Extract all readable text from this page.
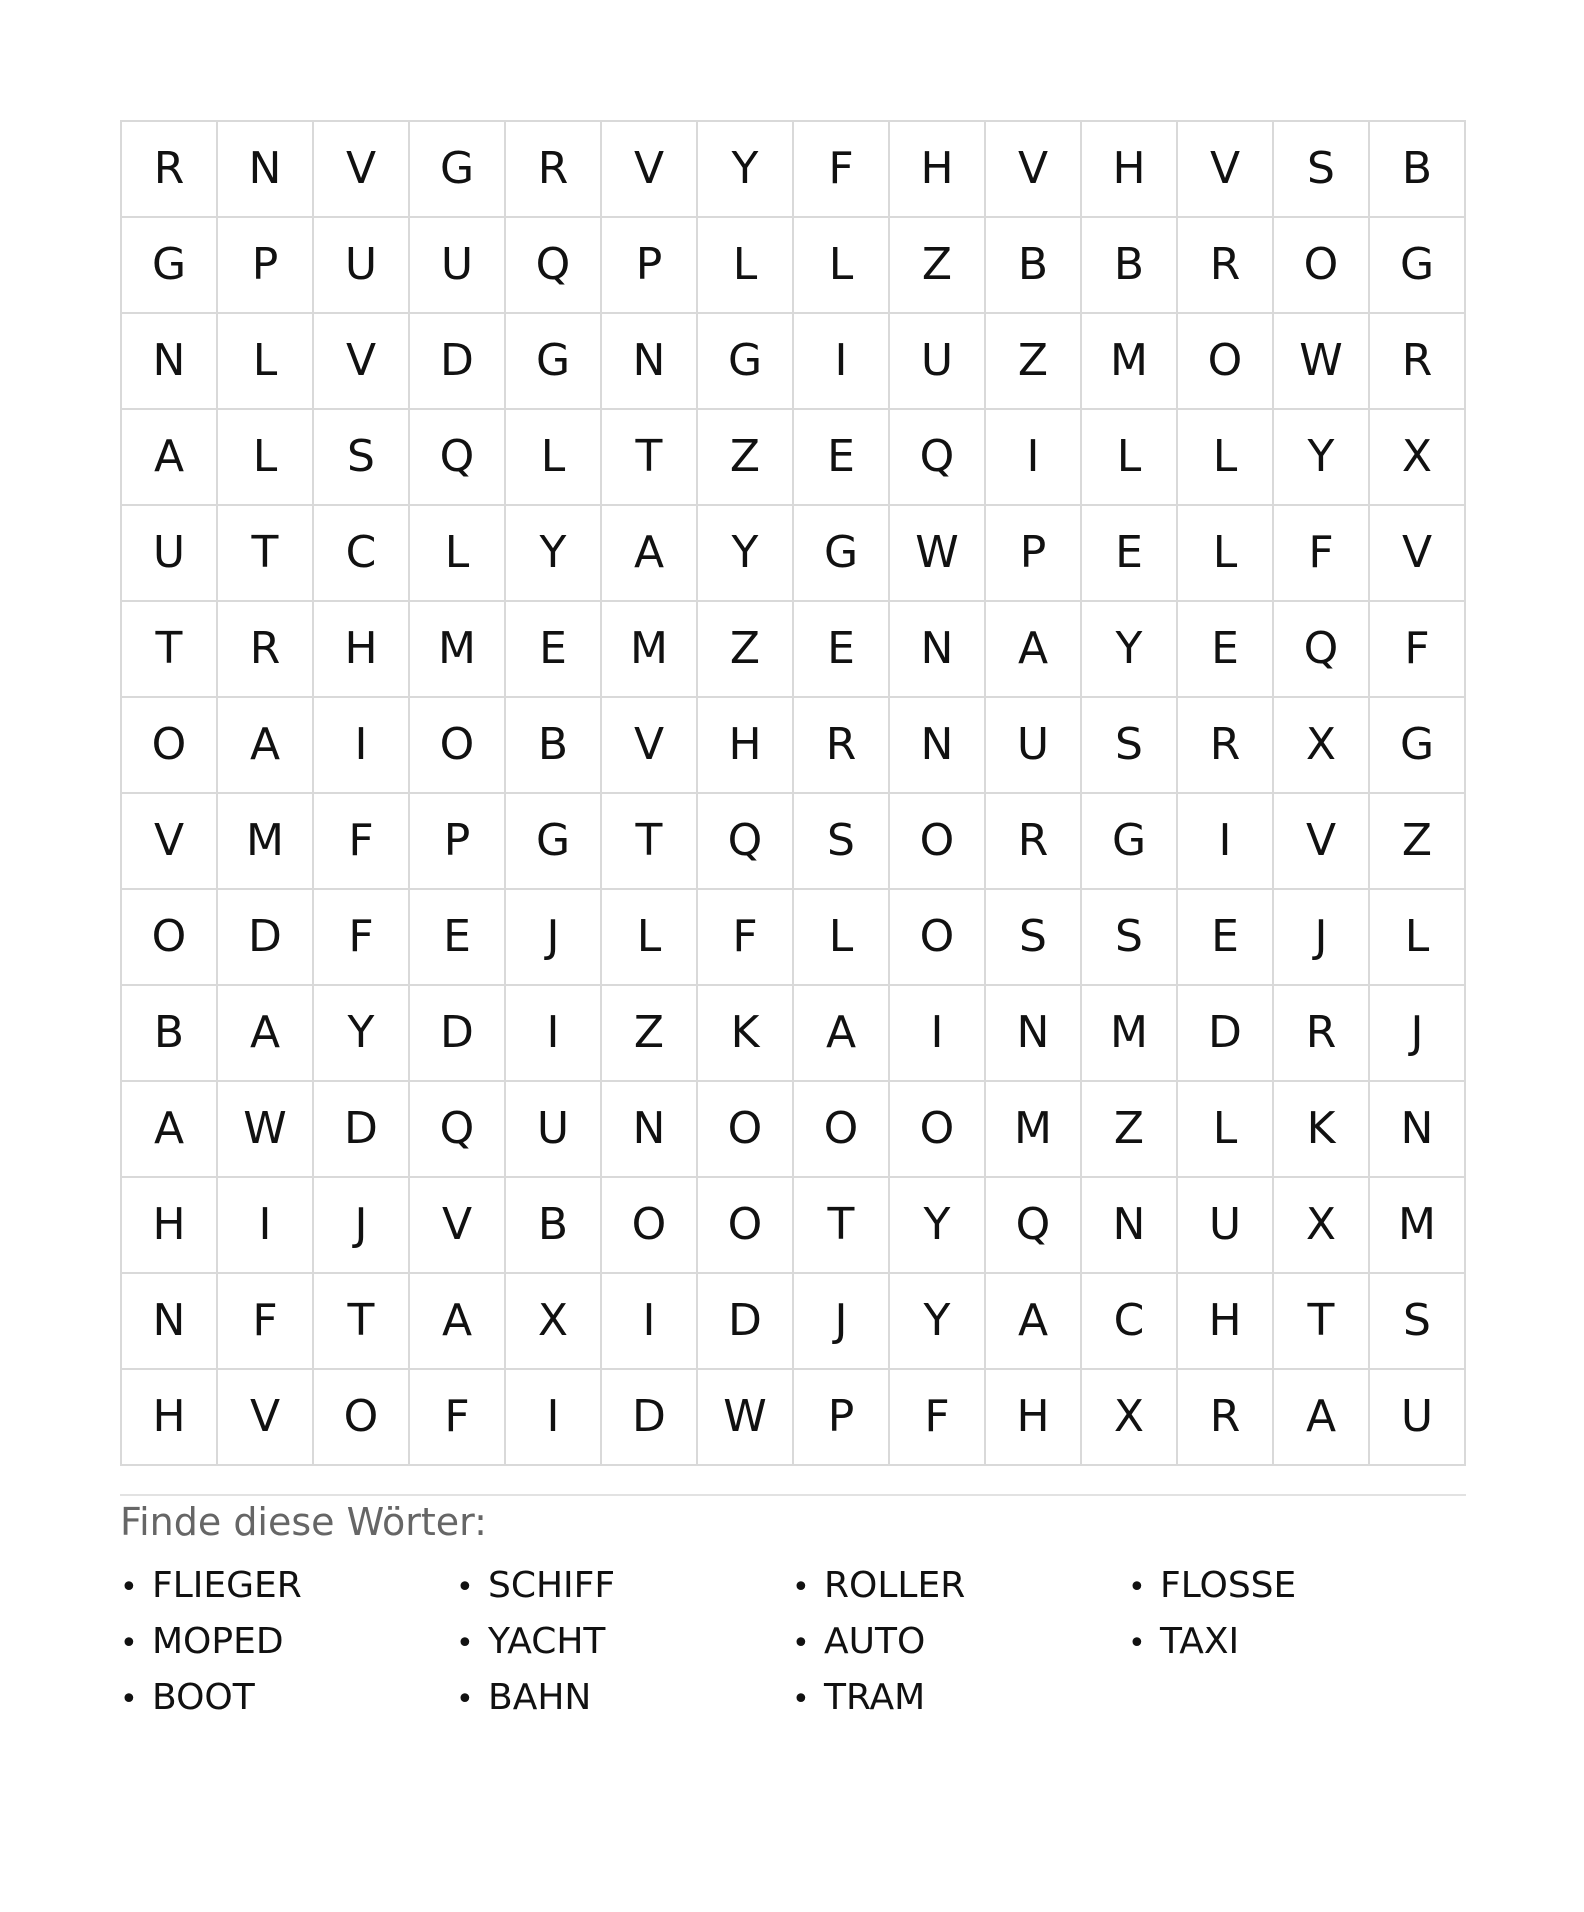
R	N	V	G	R	V	Y	F	H	V	H	V	S	B
G	P	U	U	Q	P	L	L	Z	B	B	R	O	G
N	L	V	D	G	N	G	I	U	Z	M	O	W	R
A	L	S	Q	L	T	Z	E	Q	I	L	L	Y	X
U	T	C	L	Y	A	Y	G	W	P	E	L	F	V
T	R	H	M	E	M	Z	E	N	A	Y	E	Q	F
O	A	I	O	B	V	H	R	N	U	S	R	X	G
V	M	F	P	G	T	Q	S	O	R	G	I	V	Z
O	D	F	E	J	L	F	L	O	S	S	E	J	L
B	A	Y	D	I	Z	K	A	I	N	M	D	R	J
A	W	D	Q	U	N	O	O	O	M	Z	L	K	N
H	I	J	V	B	O	O	T	Y	Q	N	U	X	M
N	F	T	A	X	I	D	J	Y	A	C	H	T	S
H	V	O	F	I	D	W	P	F	H	X	R	A	U
Finde diese Wörter:
• FLIEGER	• SCHIFF	• ROLLER	• FLOSSE
• MOPED	• YACHT	• AUTO	• TAXI
• BOOT	• BAHN	• TRAM
